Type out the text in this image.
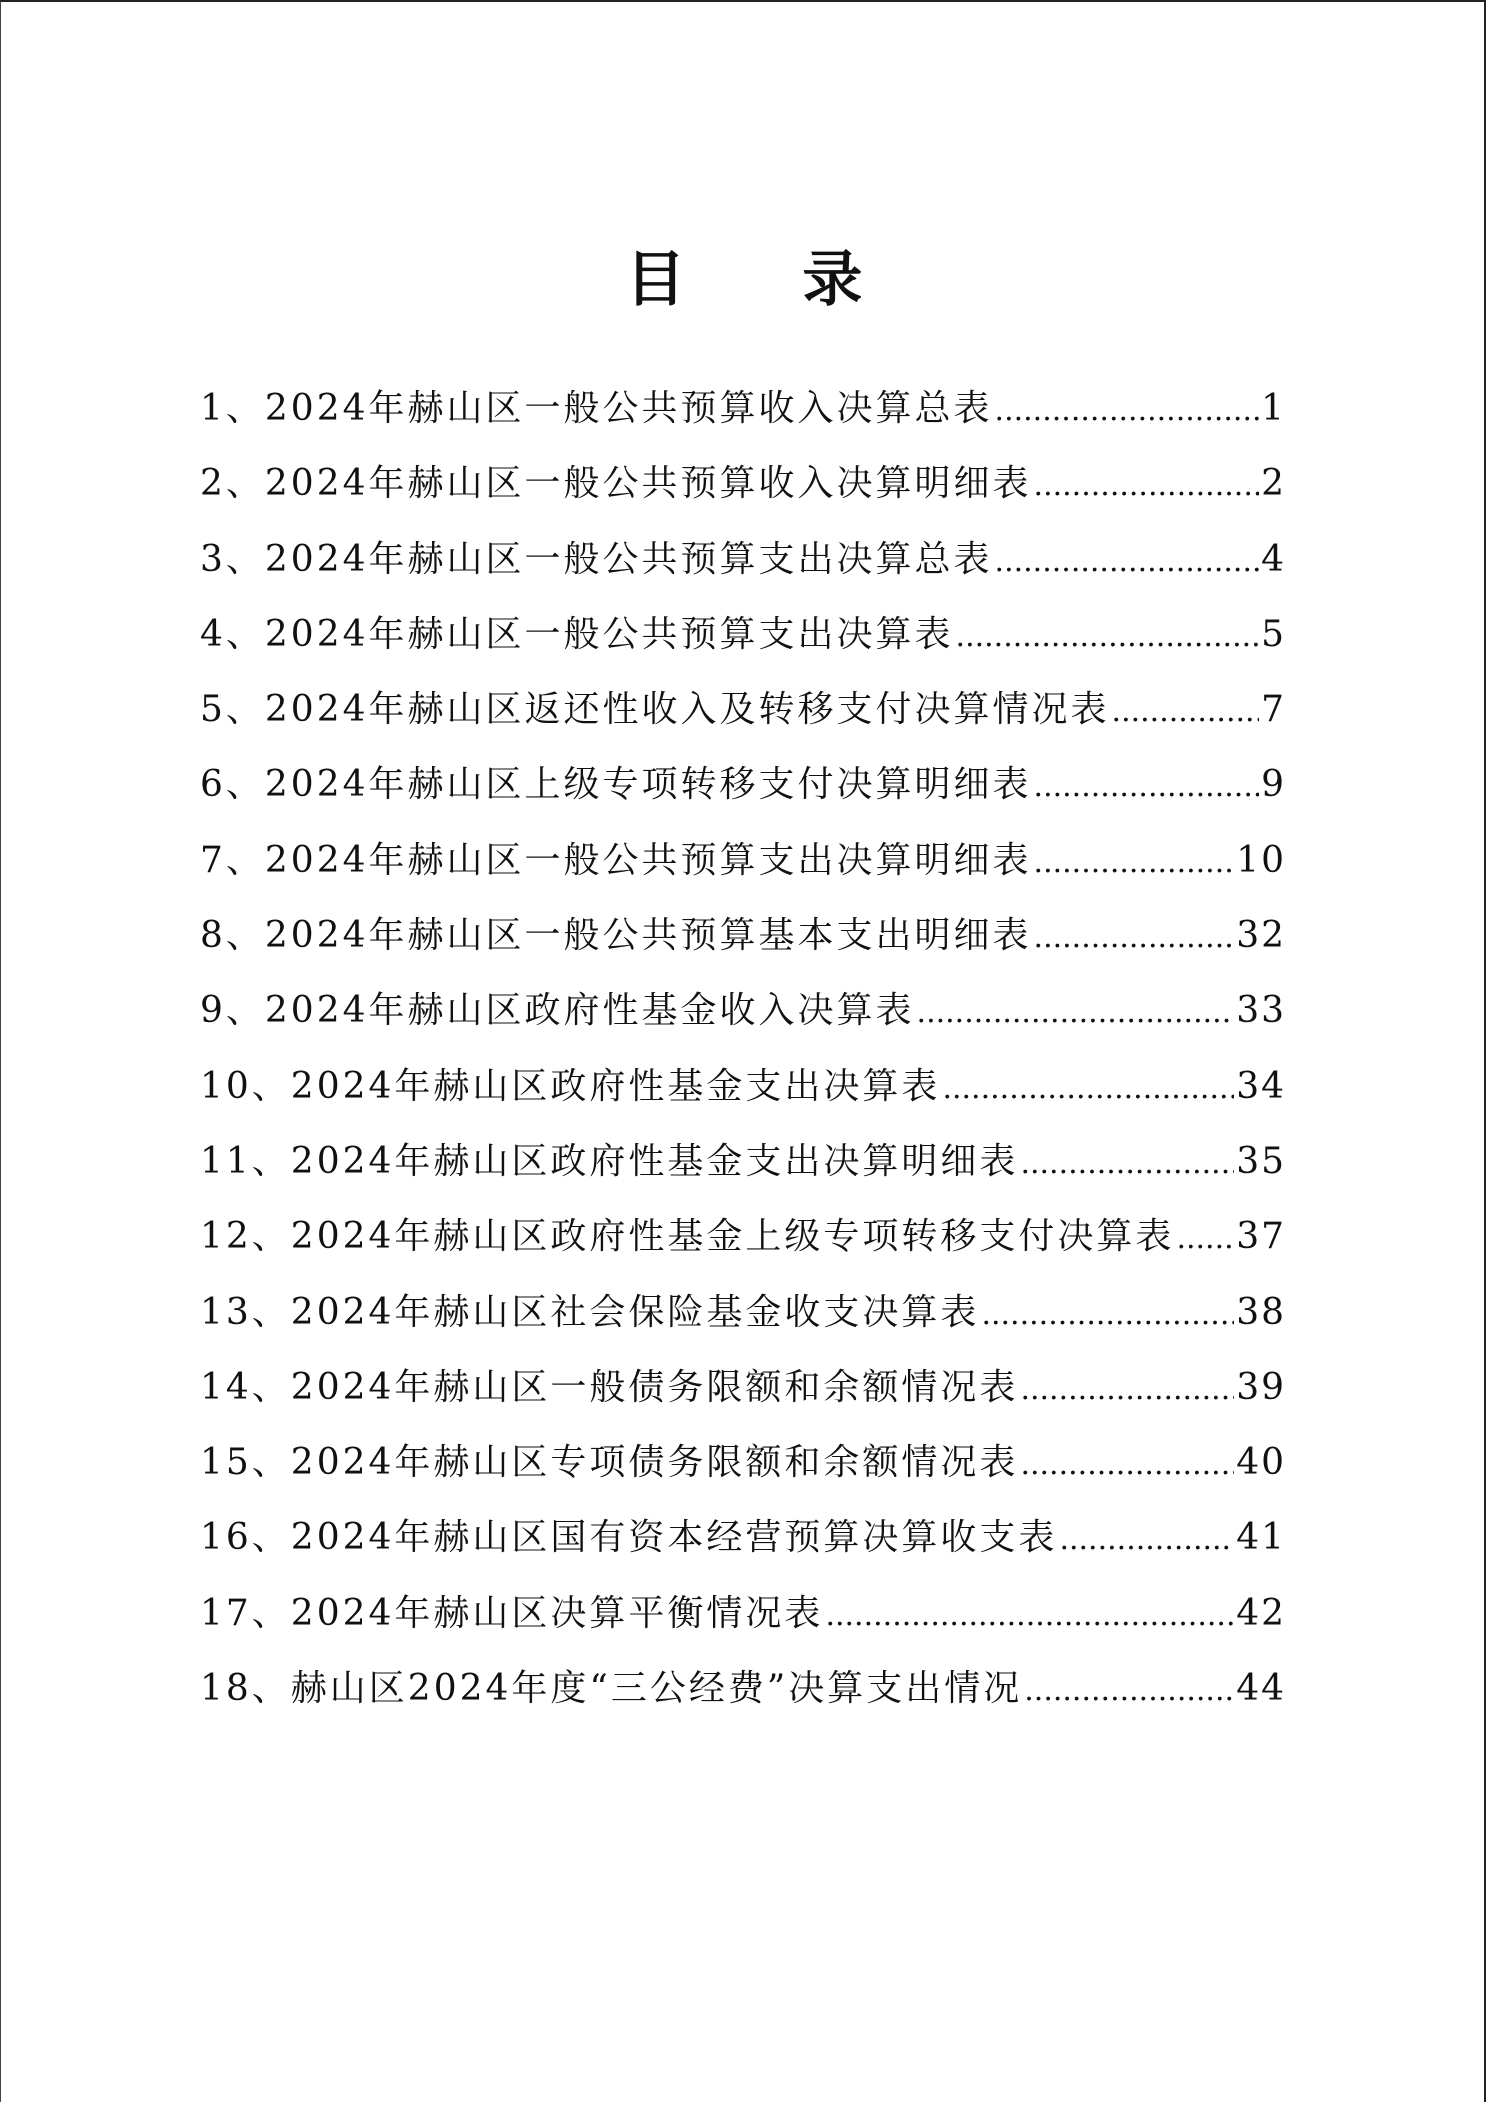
目 录
1、2024年赫山区一般公共预算收入决算总表 .....	1
2、2024年赫山区一般公共预算收入决算明细表 .....	2
3、2024年赫山区一般公共预算支出决算总表 .....	4
4、2024年赫山区一般公共预算支出决算表 .....	5
5、2024年赫山区返还性收入及转移支付决算情况表 .....	7
6、2024年赫山区上级专项转移支付决算明细表 .....	9
7、2024年赫山区一般公共预算支出决算明细表 .....	10
8、2024年赫山区一般公共预算基本支出明细表 .....	32
9、2024年赫山区政府性基金收入决算表 .....	33
10、2024年赫山区政府性基金支出决算表 .....	34
11、2024年赫山区政府性基金支出决算明细表 .....	35
12、2024年赫山区政府性基金上级专项转移支付决算表 ..... 37
13、2024年赫山区社会保险基金收支决算表 .....	38
14、2024年赫山区一般债务限额和余额情况表 .....	39
15、2024年赫山区专项债务限额和余额情况表 .....	40
16、2024年赫山区国有资本经营预算决算收支表 .....	41
17、2024年赫山区决算平衡情况表 .....	42
18、赫山区2024年度“三公经费”决算支出情况 .....	44
